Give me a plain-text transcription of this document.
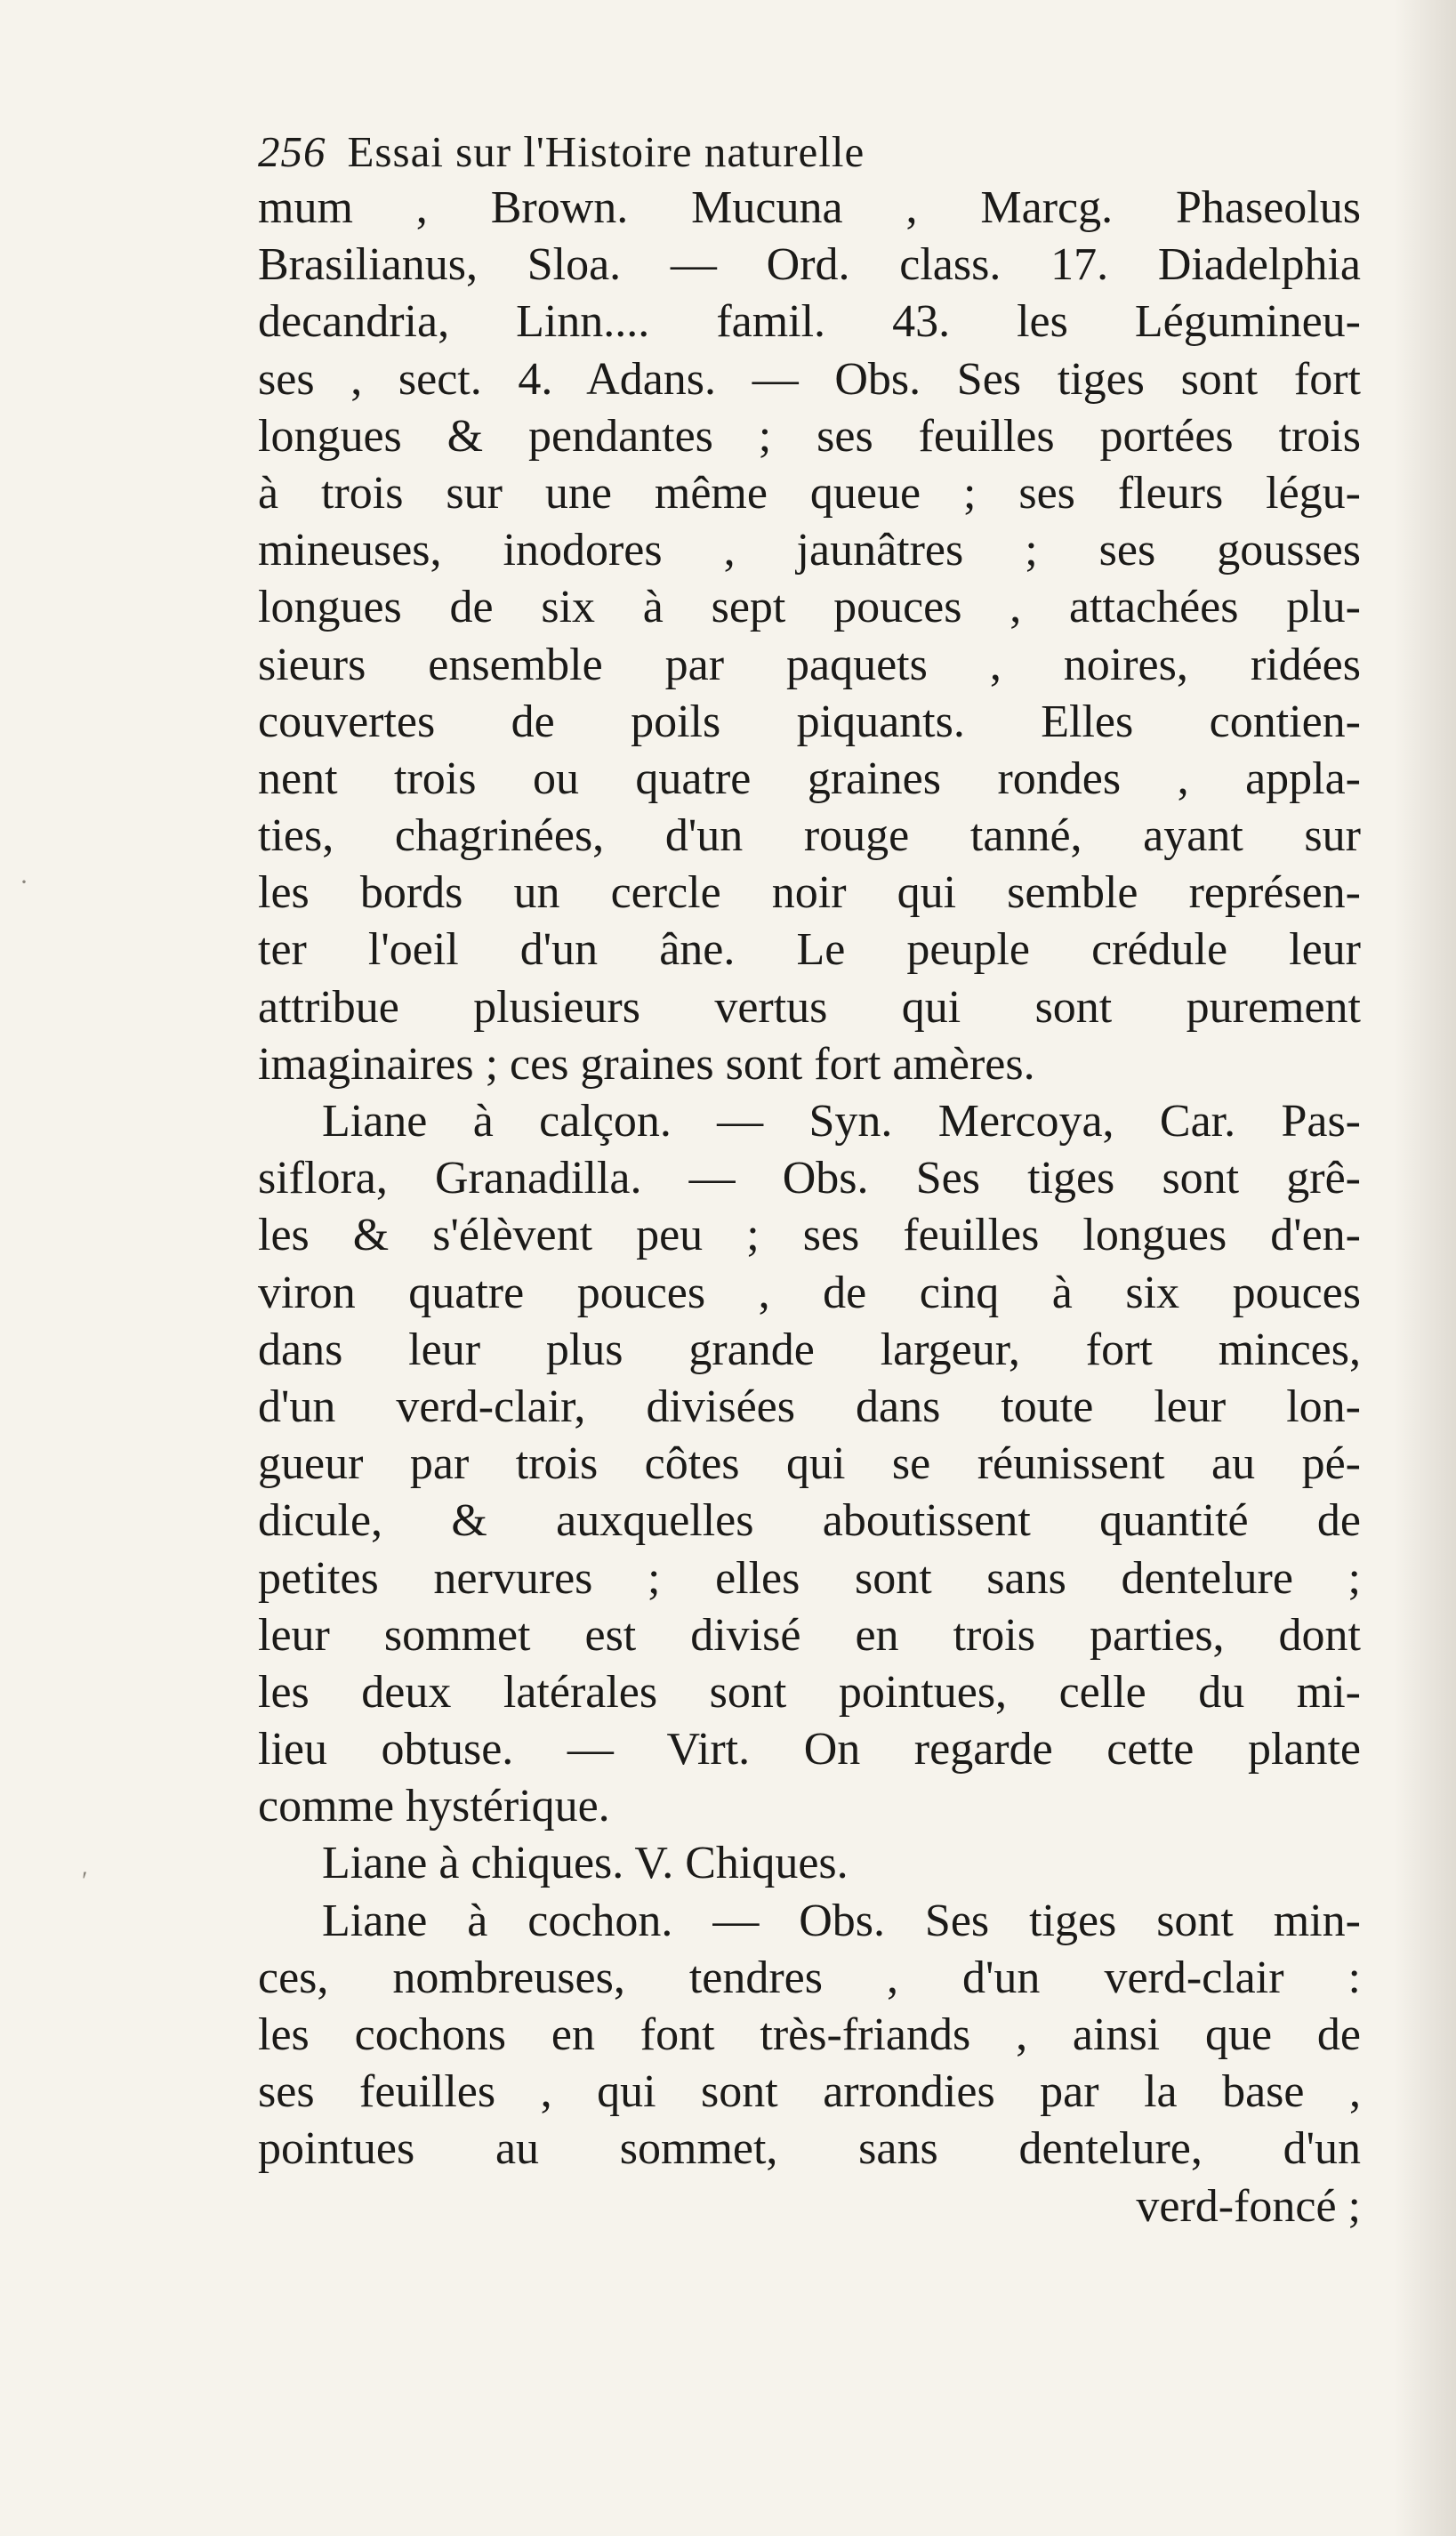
256 Essai sur l'Histoire naturelle
mum , Brown. Mucuna , Marcg. Phaseolus
Brasilianus, Sloa. — Ord. class. 17. Diadelphia
decandria, Linn.... famil. 43. les Légumineu-
ses , sect. 4. Adans. — Obs. Ses tiges sont fort
longues & pendantes ; ses feuilles portées trois
à trois sur une même queue ; ses fleurs légu-
mineuses, inodores , jaunâtres ; ses gousses
longues de six à sept pouces , attachées plu-
sieurs ensemble par paquets , noires, ridées
couvertes de poils piquants. Elles contien-
nent trois ou quatre graines rondes , appla-
ties, chagrinées, d'un rouge tanné, ayant sur
les bords un cercle noir qui semble représen-
ter l'oeil d'un âne. Le peuple crédule leur
attribue plusieurs vertus qui sont purement
imaginaires ; ces graines sont fort amères.
Liane à calçon. — Syn. Mercoya, Car. Pas-
siflora, Granadilla. — Obs. Ses tiges sont grê-
les & s'élèvent peu ; ses feuilles longues d'en-
viron quatre pouces , de cinq à six pouces
dans leur plus grande largeur, fort minces,
d'un verd-clair, divisées dans toute leur lon-
gueur par trois côtes qui se réunissent au pé-
dicule, & auxquelles aboutissent quantité de
petites nervures ; elles sont sans dentelure ;
leur sommet est divisé en trois parties, dont
les deux latérales sont pointues, celle du mi-
lieu obtuse. — Virt. On regarde cette plante
comme hystérique.
Liane à chiques. V. Chiques.
Liane à cochon. — Obs. Ses tiges sont min-
ces, nombreuses, tendres , d'un verd-clair :
les cochons en font très-friands , ainsi que de
ses feuilles , qui sont arrondies par la base ,
pointues au sommet, sans dentelure, d'un
verd-foncé ;
·
′
